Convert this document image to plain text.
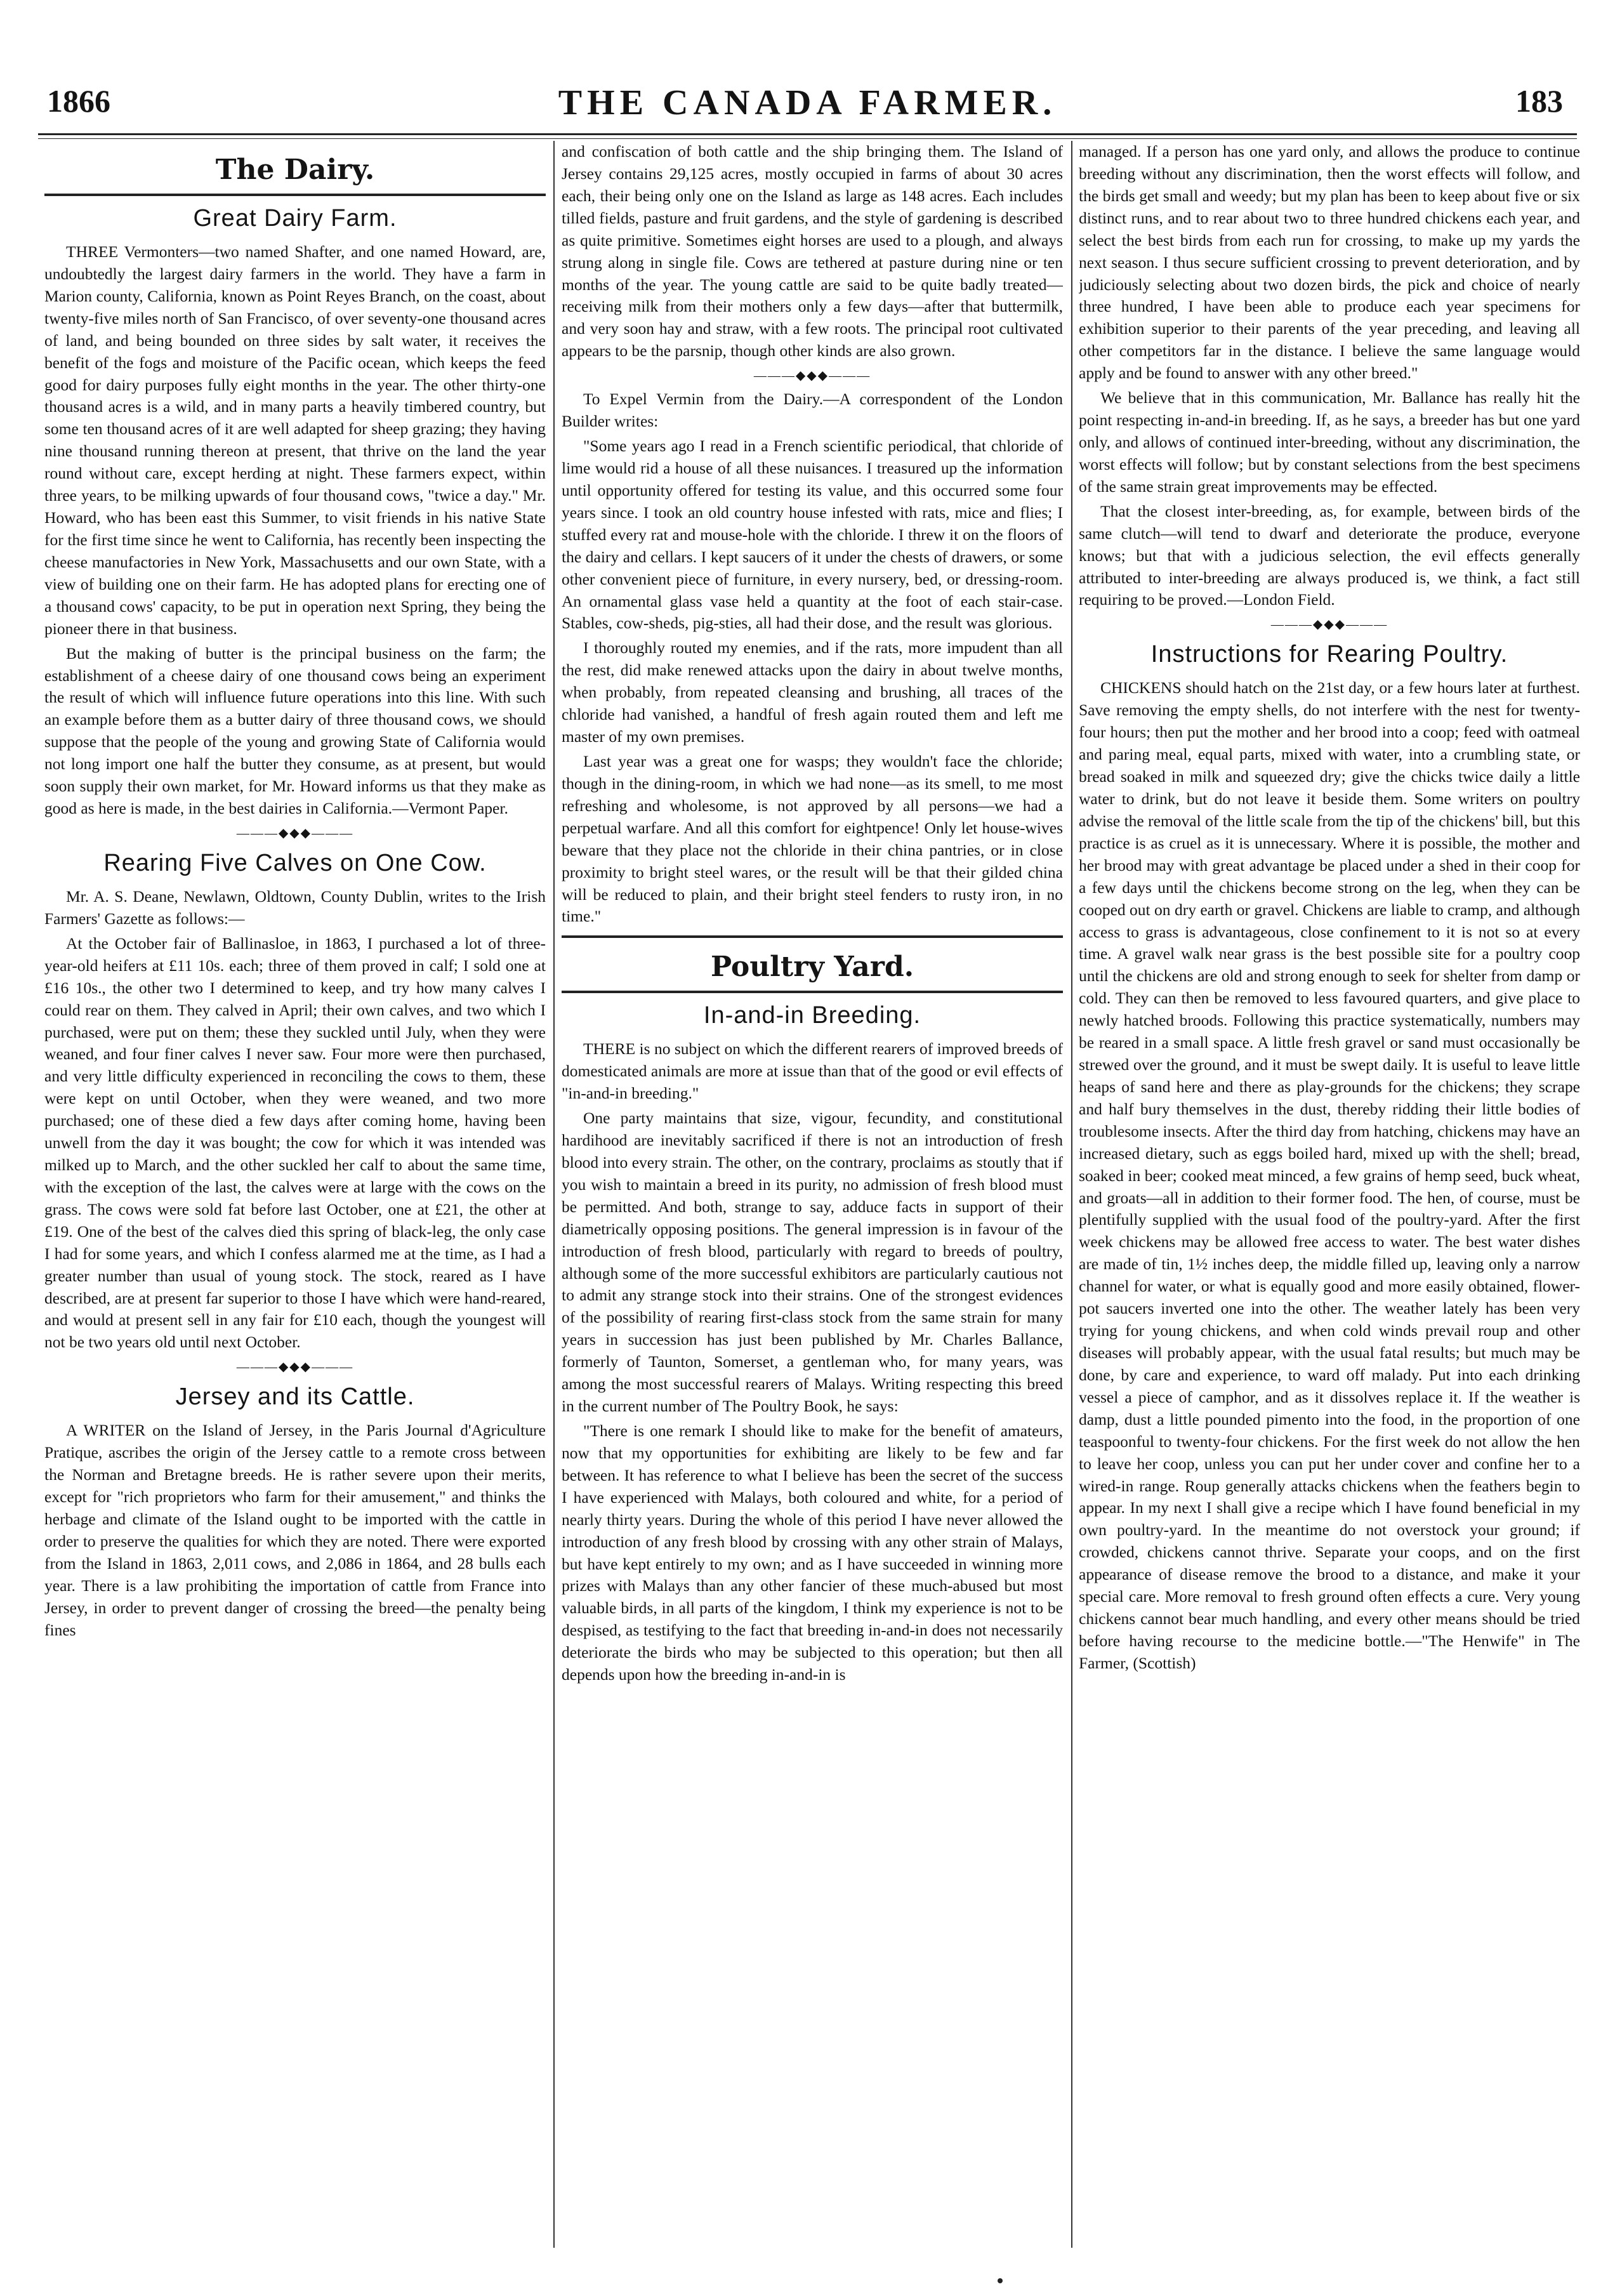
1866	THE CANADA FARMER.	183
The Dairy.
Great Dairy Farm.

THREE Vermonters—two named Shafter, and one named Howard, are, undoubtedly the largest dairy farmers in the world. They have a farm in Marion county, California, known as Point Reyes Branch, on the coast, about twenty-five miles north of San Francisco, of over seventy-one thousand acres of land, and being bounded on three sides by salt water, it receives the benefit of the fogs and moisture of the Pacific ocean, which keeps the feed good for dairy purposes fully eight months in the year. The other thirty-one thousand acres is a wild, and in many parts a heavily timbered country, but some ten thousand acres of it are well adapted for sheep grazing; they having nine thousand running thereon at present, that thrive on the land the year round without care, except herding at night. These farmers expect, within three years, to be milking upwards of four thousand cows, "twice a day." Mr. Howard, who has been east this Summer, to visit friends in his native State for the first time since he went to California, has recently been inspecting the cheese manufactories in New York, Massachusetts and our own State, with a view of building one on their farm. He has adopted plans for erecting one of a thousand cows' capacity, to be put in operation next Spring, they being the pioneer there in that business.

But the making of butter is the principal business on the farm; the establishment of a cheese dairy of one thousand cows being an experiment the result of which will influence future operations into this line. With such an example before them as a butter dairy of three thousand cows, we should suppose that the people of the young and growing State of California would not long import one half the butter they consume, as at present, but would soon supply their own market, for Mr. Howard informs us that they make as good as here is made, in the best dairies in California.—Vermont Paper.

———◆◆◆———
Rearing Five Calves on One Cow.

Mr. A. S. Deane, Newlawn, Oldtown, County Dublin, writes to the Irish Farmers' Gazette as follows:—

At the October fair of Ballinasloe, in 1863, I purchased a lot of three-year-old heifers at £11 10s. each; three of them proved in calf; I sold one at £16 10s., the other two I determined to keep, and try how many calves I could rear on them. They calved in April; their own calves, and two which I purchased, were put on them; these they suckled until July, when they were weaned, and four finer calves I never saw. Four more were then purchased, and very little difficulty experienced in reconciling the cows to them, these were kept on until October, when they were weaned, and two more purchased; one of these died a few days after coming home, having been unwell from the day it was bought; the cow for which it was intended was milked up to March, and the other suckled her calf to about the same time, with the exception of the last, the calves were at large with the cows on the grass. The cows were sold fat before last October, one at £21, the other at £19. One of the best of the calves died this spring of black-leg, the only case I had for some years, and which I confess alarmed me at the time, as I had a greater number than usual of young stock. The stock, reared as I have described, are at present far superior to those I have which were hand-reared, and would at present sell in any fair for £10 each, though the youngest will not be two years old until next October.

———◆◆◆———
Jersey and its Cattle.

A WRITER on the Island of Jersey, in the Paris Journal d'Agriculture Pratique, ascribes the origin of the Jersey cattle to a remote cross between the Norman and Bretagne breeds. He is rather severe upon their merits, except for "rich proprietors who farm for their amusement," and thinks the herbage and climate of the Island ought to be imported with the cattle in order to preserve the qualities for which they are noted. There were exported from the Island in 1863, 2,011 cows, and 2,086 in 1864, and 28 bulls each year. There is a law prohibiting the importation of cattle from France into Jersey, in order to prevent danger of crossing the breed—the penalty being fines

and confiscation of both cattle and the ship bringing them. The Island of Jersey contains 29,125 acres, mostly occupied in farms of about 30 acres each, their being only one on the Island as large as 148 acres. Each includes tilled fields, pasture and fruit gardens, and the style of gardening is described as quite primitive. Sometimes eight horses are used to a plough, and always strung along in single file. Cows are tethered at pasture during nine or ten months of the year. The young cattle are said to be quite badly treated—receiving milk from their mothers only a few days—after that buttermilk, and very soon hay and straw, with a few roots. The principal root cultivated appears to be the parsnip, though other kinds are also grown.

———◆◆◆———

To Expel Vermin from the Dairy.—A correspondent of the London Builder writes:

"Some years ago I read in a French scientific periodical, that chloride of lime would rid a house of all these nuisances. I treasured up the information until opportunity offered for testing its value, and this occurred some four years since. I took an old country house infested with rats, mice and flies; I stuffed every rat and mouse-hole with the chloride. I threw it on the floors of the dairy and cellars. I kept saucers of it under the chests of drawers, or some other convenient piece of furniture, in every nursery, bed, or dressing-room. An ornamental glass vase held a quantity at the foot of each stair-case. Stables, cow-sheds, pig-sties, all had their dose, and the result was glorious.

I thoroughly routed my enemies, and if the rats, more impudent than all the rest, did make renewed attacks upon the dairy in about twelve months, when probably, from repeated cleansing and brushing, all traces of the chloride had vanished, a handful of fresh again routed them and left me master of my own premises.

Last year was a great one for wasps; they wouldn't face the chloride; though in the dining-room, in which we had none—as its smell, to me most refreshing and wholesome, is not approved by all persons—we had a perpetual warfare. And all this comfort for eightpence! Only let house-wives beware that they place not the chloride in their china pantries, or in close proximity to bright steel wares, or the result will be that their gilded china will be reduced to plain, and their bright steel fenders to rusty iron, in no time."

Poultry Yard.
In-and-in Breeding.

THERE is no subject on which the different rearers of improved breeds of domesticated animals are more at issue than that of the good or evil effects of "in-and-in breeding."

One party maintains that size, vigour, fecundity, and constitutional hardihood are inevitably sacrificed if there is not an introduction of fresh blood into every strain. The other, on the contrary, proclaims as stoutly that if you wish to maintain a breed in its purity, no admission of fresh blood must be permitted. And both, strange to say, adduce facts in support of their diametrically opposing positions. The general impression is in favour of the introduction of fresh blood, particularly with regard to breeds of poultry, although some of the more successful exhibitors are particularly cautious not to admit any strange stock into their strains. One of the strongest evidences of the possibility of rearing first-class stock from the same strain for many years in succession has just been published by Mr. Charles Ballance, formerly of Taunton, Somerset, a gentleman who, for many years, was among the most successful rearers of Malays. Writing respecting this breed in the current number of The Poultry Book, he says:

"There is one remark I should like to make for the benefit of amateurs, now that my opportunities for exhibiting are likely to be few and far between. It has reference to what I believe has been the secret of the success I have experienced with Malays, both coloured and white, for a period of nearly thirty years. During the whole of this period I have never allowed the introduction of any fresh blood by crossing with any other strain of Malays, but have kept entirely to my own; and as I have succeeded in winning more prizes with Malays than any other fancier of these much-abused but most valuable birds, in all parts of the kingdom, I think my experience is not to be despised, as testifying to the fact that breeding in-and-in does not necessarily deteriorate the birds who may be subjected to this operation; but then all depends upon how the breeding in-and-in is

managed. If a person has one yard only, and allows the produce to continue breeding without any discrimination, then the worst effects will follow, and the birds get small and weedy; but my plan has been to keep about five or six distinct runs, and to rear about two to three hundred chickens each year, and select the best birds from each run for crossing, to make up my yards the next season. I thus secure sufficient crossing to prevent deterioration, and by judiciously selecting about two dozen birds, the pick and choice of nearly three hundred, I have been able to produce each year specimens for exhibition superior to their parents of the year preceding, and leaving all other competitors far in the distance. I believe the same language would apply and be found to answer with any other breed."

We believe that in this communication, Mr. Ballance has really hit the point respecting in-and-in breeding. If, as he says, a breeder has but one yard only, and allows of continued inter-breeding, without any discrimination, the worst effects will follow; but by constant selections from the best specimens of the same strain great improvements may be effected.

That the closest inter-breeding, as, for example, between birds of the same clutch—will tend to dwarf and deteriorate the produce, everyone knows; but that with a judicious selection, the evil effects generally attributed to inter-breeding are always produced is, we think, a fact still requiring to be proved.—London Field.

———◆◆◆———
Instructions for Rearing Poultry.

CHICKENS should hatch on the 21st day, or a few hours later at furthest. Save removing the empty shells, do not interfere with the nest for twenty-four hours; then put the mother and her brood into a coop; feed with oatmeal and paring meal, equal parts, mixed with water, into a crumbling state, or bread soaked in milk and squeezed dry; give the chicks twice daily a little water to drink, but do not leave it beside them. Some writers on poultry advise the removal of the little scale from the tip of the chickens' bill, but this practice is as cruel as it is unnecessary. Where it is possible, the mother and her brood may with great advantage be placed under a shed in their coop for a few days until the chickens become strong on the leg, when they can be cooped out on dry earth or gravel. Chickens are liable to cramp, and although access to grass is advantageous, close confinement to it is not so at every time. A gravel walk near grass is the best possible site for a poultry coop until the chickens are old and strong enough to seek for shelter from damp or cold. They can then be removed to less favoured quarters, and give place to newly hatched broods. Following this practice systematically, numbers may be reared in a small space. A little fresh gravel or sand must occasionally be strewed over the ground, and it must be swept daily. It is useful to leave little heaps of sand here and there as play-grounds for the chickens; they scrape and half bury themselves in the dust, thereby ridding their little bodies of troublesome insects. After the third day from hatching, chickens may have an increased dietary, such as eggs boiled hard, mixed up with the shell; bread, soaked in beer; cooked meat minced, a few grains of hemp seed, buck wheat, and groats—all in addition to their former food. The hen, of course, must be plentifully supplied with the usual food of the poultry-yard. After the first week chickens may be allowed free access to water. The best water dishes are made of tin, 1½ inches deep, the middle filled up, leaving only a narrow channel for water, or what is equally good and more easily obtained, flower-pot saucers inverted one into the other. The weather lately has been very trying for young chickens, and when cold winds prevail roup and other diseases will probably appear, with the usual fatal results; but much may be done, by care and experience, to ward off malady. Put into each drinking vessel a piece of camphor, and as it dissolves replace it. If the weather is damp, dust a little pounded pimento into the food, in the proportion of one teaspoonful to twenty-four chickens. For the first week do not allow the hen to leave her coop, unless you can put her under cover and confine her to a wired-in range. Roup generally attacks chickens when the feathers begin to appear. In my next I shall give a recipe which I have found beneficial in my own poultry-yard. In the meantime do not overstock your ground; if crowded, chickens cannot thrive. Separate your coops, and on the first appearance of disease remove the brood to a distance, and make it your special care. More removal to fresh ground often effects a cure. Very young chickens cannot bear much handling, and every other means should be tried before having recourse to the medicine bottle.—"The Henwife" in The Farmer, (Scottish)
